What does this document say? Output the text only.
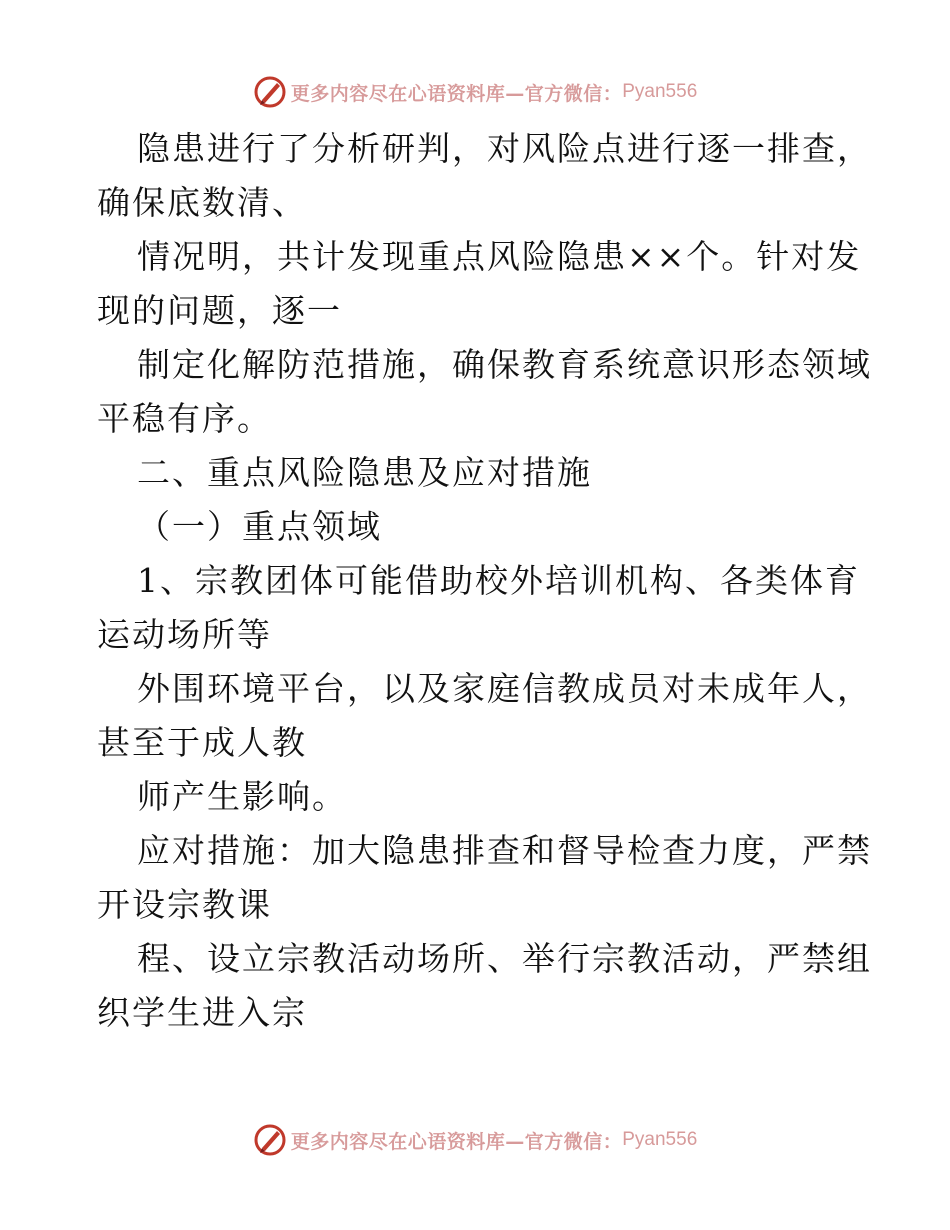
更多内容尽在心语资料库—官方微信： Pyan556
隐患进行了分析研判，对风险点进行逐一排查，
确保底数清、
情况明，共计发现重点风险隐患××个。针对发
现的问题，逐一
制定化解防范措施，确保教育系统意识形态领域
平稳有序。
二、重点风险隐患及应对措施
（一）重点领域
1、宗教团体可能借助校外培训机构、各类体育
运动场所等
外围环境平台，以及家庭信教成员对未成年人，
甚至于成人教
师产生影响。
应对措施：加大隐患排查和督导检查力度，严禁
开设宗教课
程、设立宗教活动场所、举行宗教活动，严禁组
织学生进入宗
更多内容尽在心语资料库—官方微信： Pyan556
